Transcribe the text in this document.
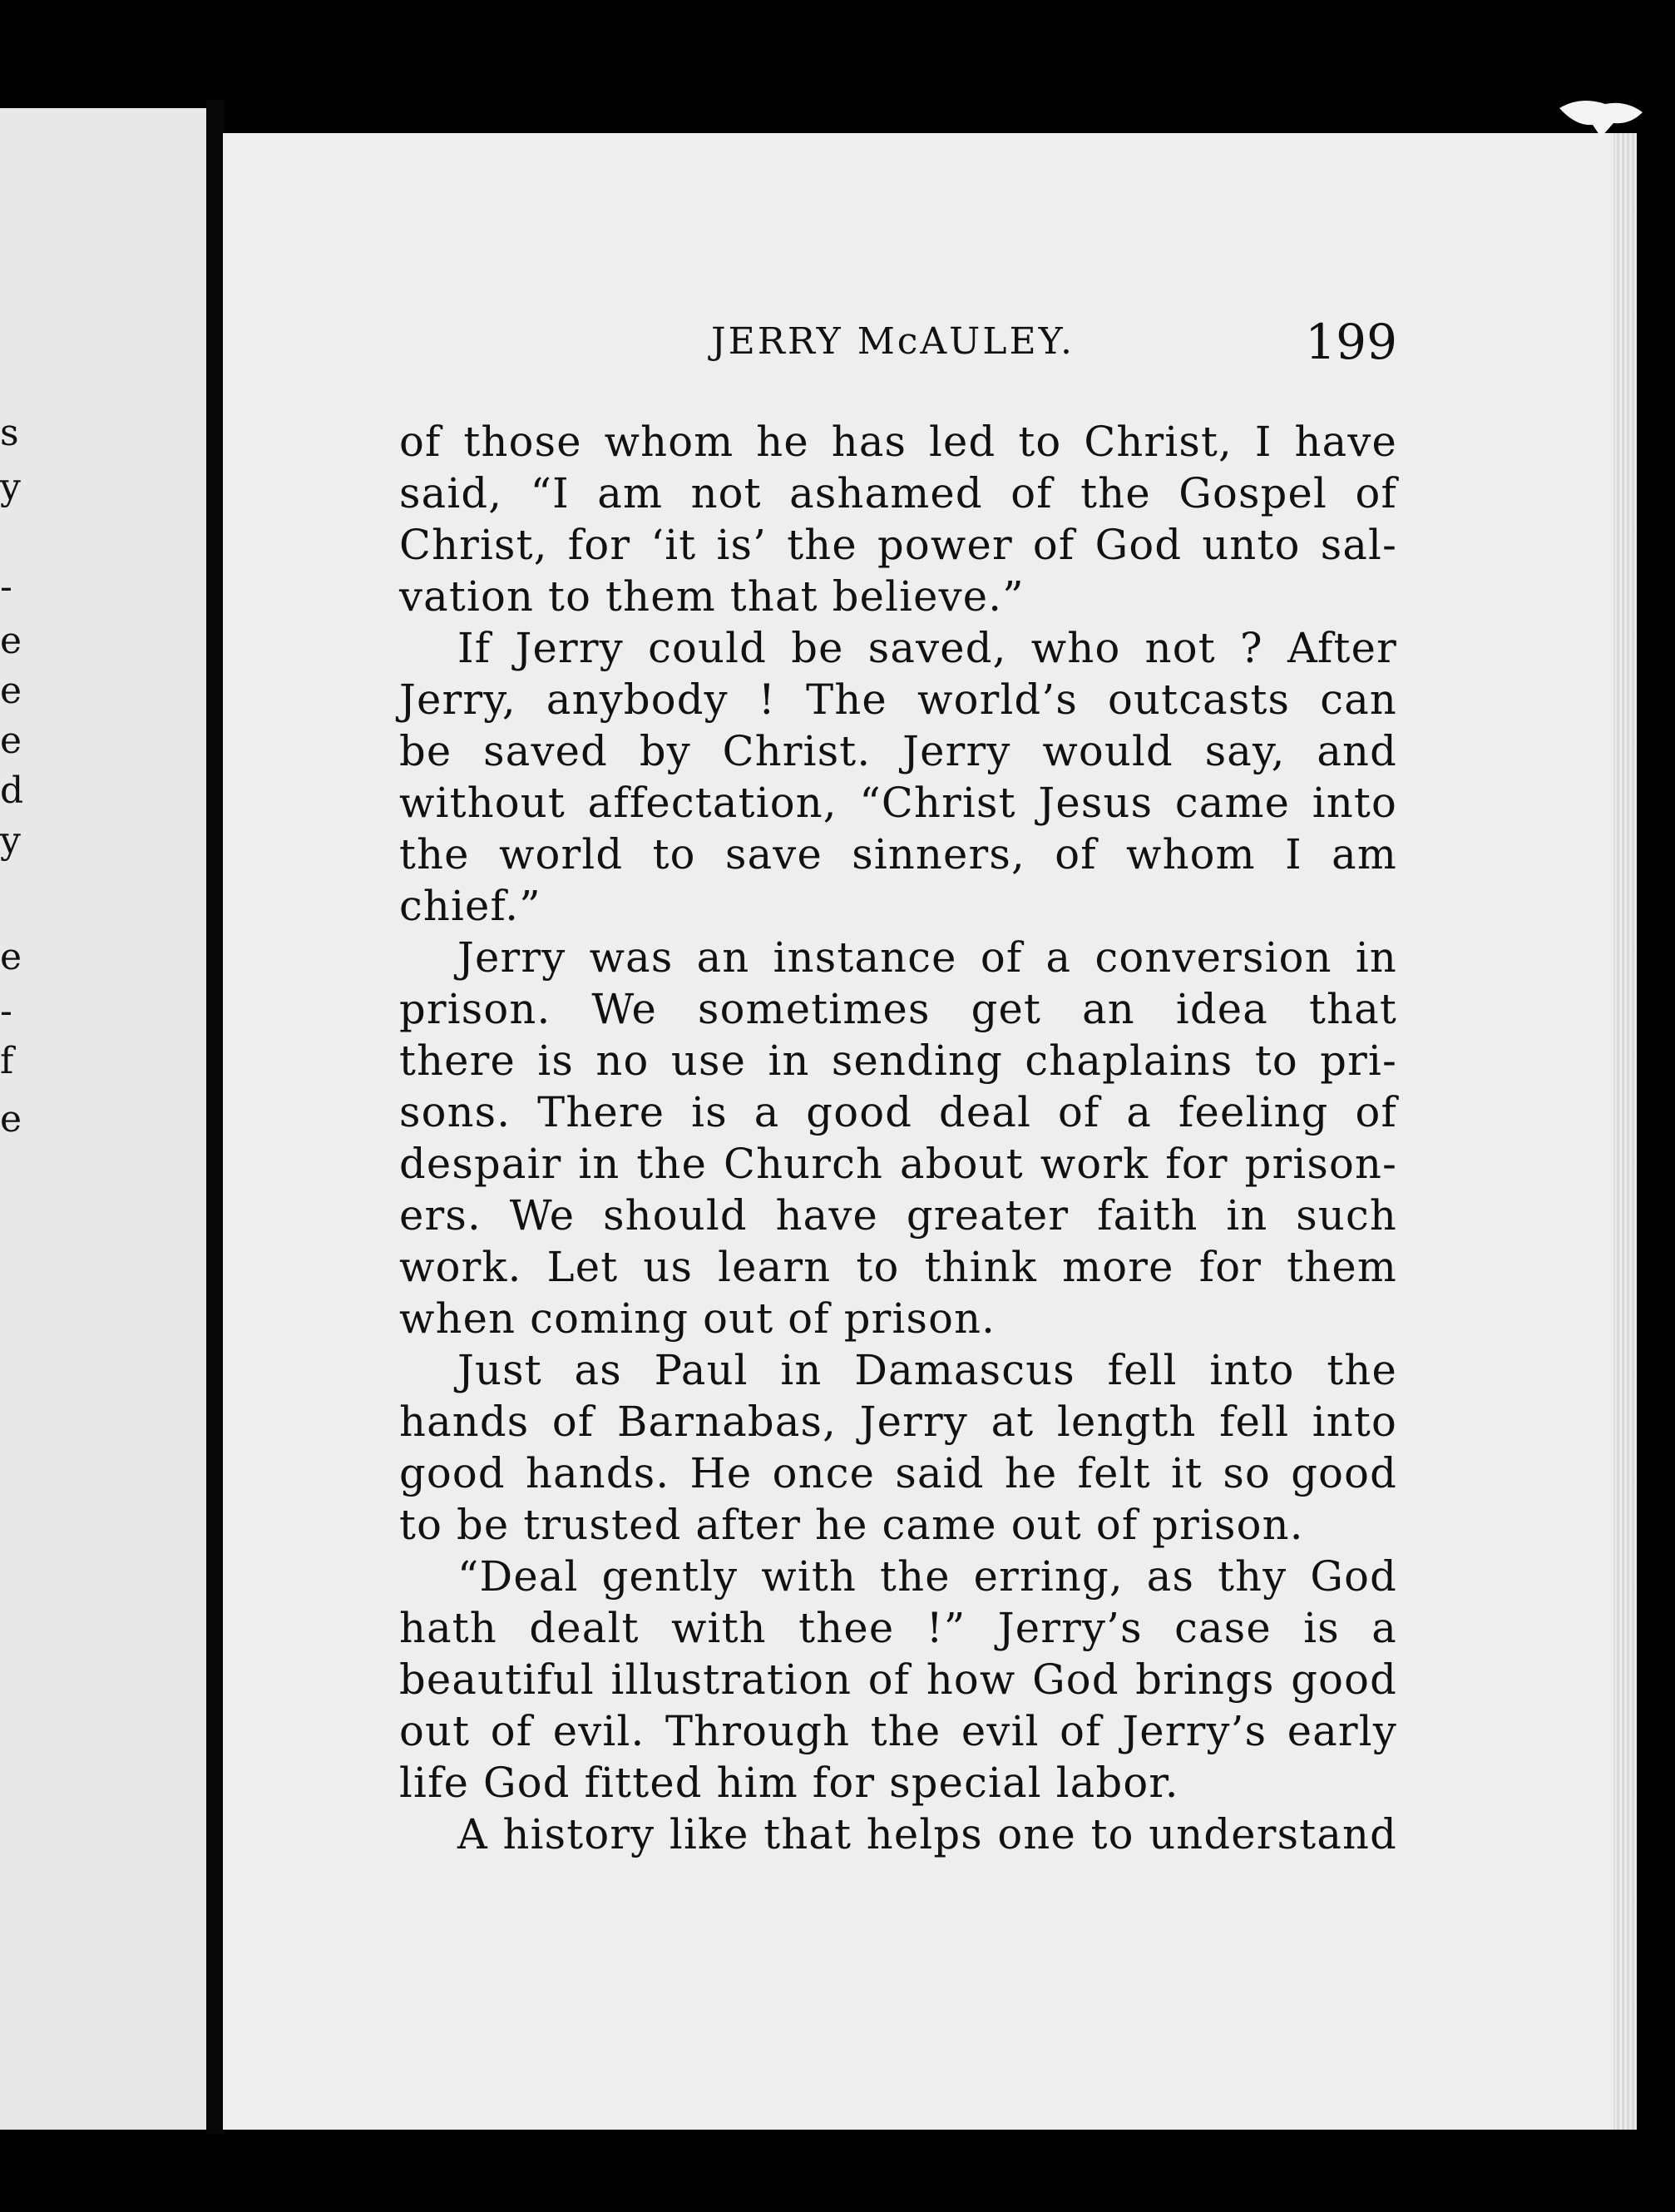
s
y
-
e
e
e
d
y
e
-
f
e
JERRY McAULEY.	199
of those whom he has led to Christ, I have
said, “I am not ashamed of the Gospel of
Christ, for ‘it is’ the power of God unto sal-
vation to them that believe.”
If Jerry could be saved, who not ? After
Jerry, anybody ! The world’s outcasts can
be saved by Christ. Jerry would say, and
without affectation, “Christ Jesus came into
the world to save sinners, of whom I am
chief.”
Jerry was an instance of a conversion in
prison. We sometimes get an idea that
there is no use in sending chaplains to pri-
sons. There is a good deal of a feeling of
despair in the Church about work for prison-
ers. We should have greater faith in such
work. Let us learn to think more for them
when coming out of prison.
Just as Paul in Damascus fell into the
hands of Barnabas, Jerry at length fell into
good hands. He once said he felt it so good
to be trusted after he came out of prison.
“Deal gently with the erring, as thy God
hath dealt with thee !” Jerry’s case is a
beautiful illustration of how God brings good
out of evil. Through the evil of Jerry’s early
life God fitted him for special labor.
A history like that helps one to understand
